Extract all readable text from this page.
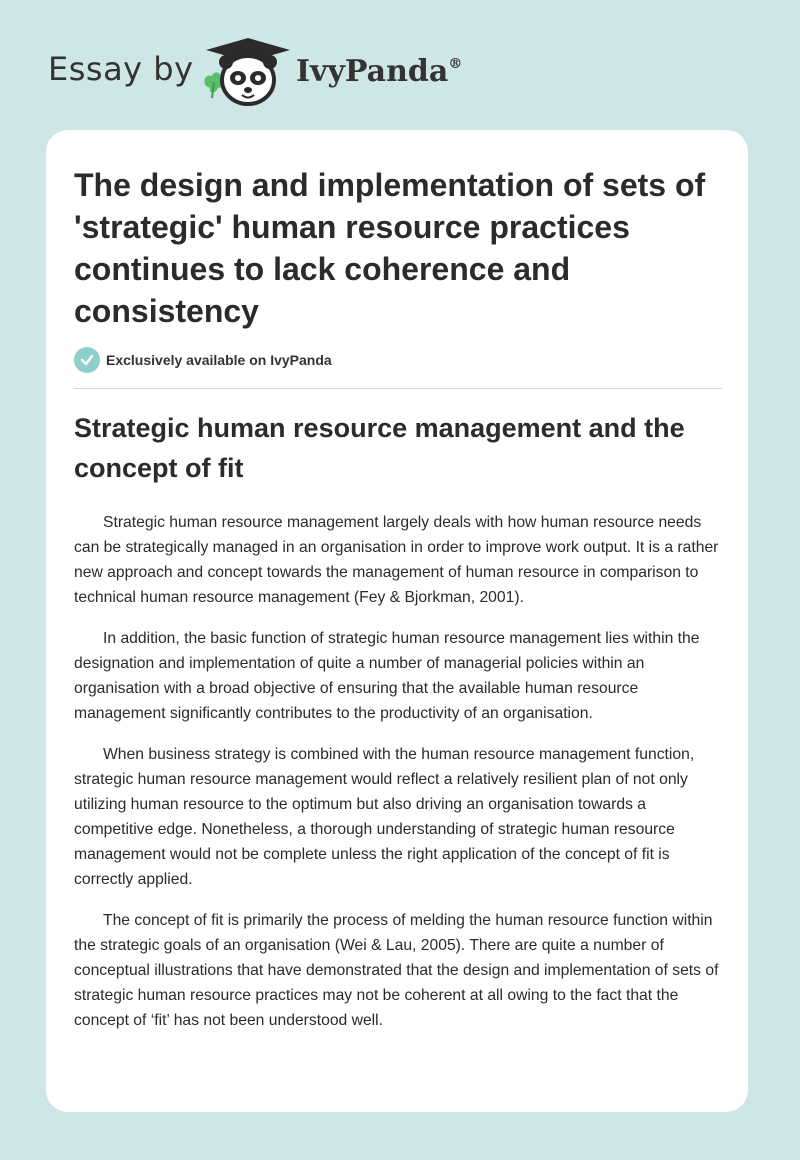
Essay by	IvyPanda®
The design and implementation of sets of 'strategic' human resource practices continues to lack coherence and consistency
Exclusively available on IvyPanda
Strategic human resource management and the concept of fit

Strategic human resource management largely deals with how human resource needs can be strategically managed in an organisation in order to improve work output. It is a rather new approach and concept towards the management of human resource in comparison to technical human resource management (Fey & Bjorkman, 2001).

In addition, the basic function of strategic human resource management lies within the designation and implementation of quite a number of managerial policies within an organisation with a broad objective of ensuring that the available human resource management significantly contributes to the productivity of an organisation.

When business strategy is combined with the human resource management function, strategic human resource management would reflect a relatively resilient plan of not only utilizing human resource to the optimum but also driving an organisation towards a competitive edge. Nonetheless, a thorough understanding of strategic human resource management would not be complete unless the right application of the concept of fit is correctly applied.

The concept of fit is primarily the process of melding the human resource function within the strategic goals of an organisation (Wei & Lau, 2005). There are quite a number of conceptual illustrations that have demonstrated that the design and implementation of sets of strategic human resource practices may not be coherent at all owing to the fact that the concept of ‘fit’ has not been understood well.
